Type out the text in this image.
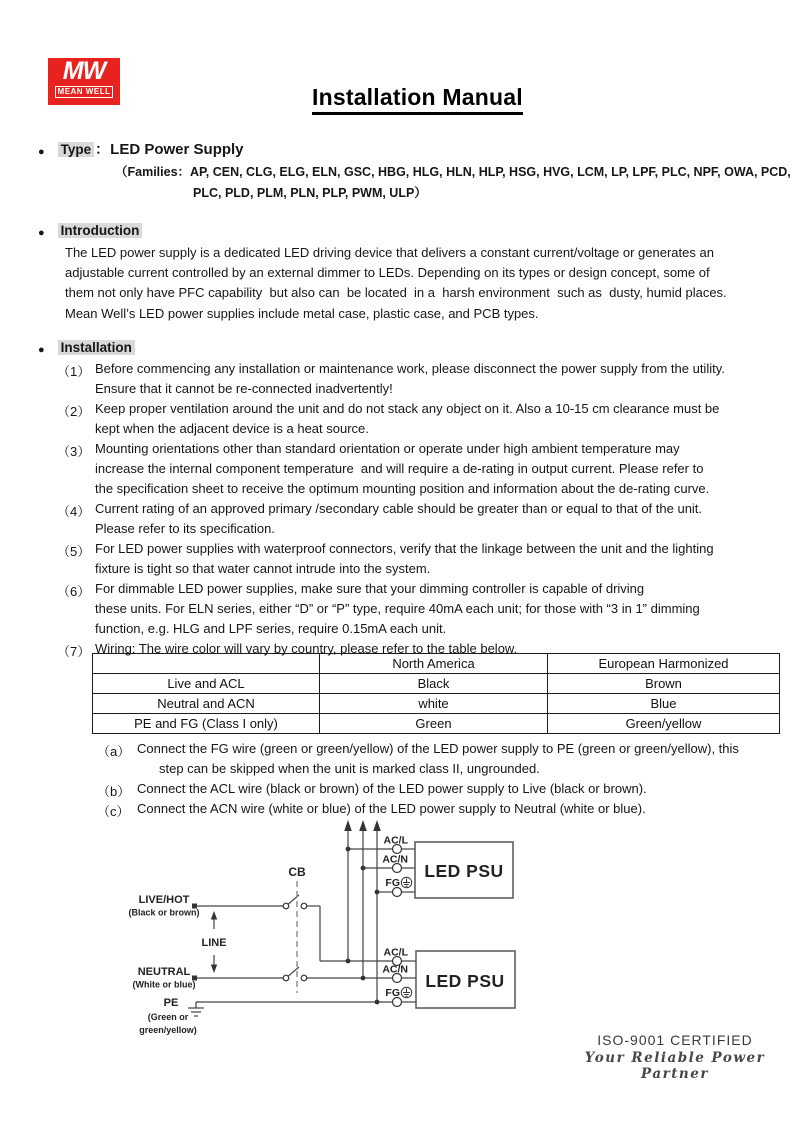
MW
MEAN WELL	Installation Manual
● Type ： LED Power Supply
（Families：AP, CEN, CLG, ELG, ELN, GSC, HBG, HLG, HLN, HLP, HSG, HVG, LCM, LP, LPF, PLC, NPF, OWA, PCD,
PLC, PLD, PLM, PLN, PLP, PWM, ULP）
● Introduction
The LED power supply is a dedicated LED driving device that delivers a constant current/voltage or generates an
adjustable current controlled by an external dimmer to LEDs. Depending on its types or design concept, some of
them not only have PFC capability  but also can  be located  in a  harsh environment  such as  dusty, humid places.
Mean Well’s LED power supplies include metal case, plastic case, and PCB types.
● Installation
（1） Before commencing any installation or maintenance work, please disconnect the power supply from the utility.
Ensure that it cannot be re-connected inadvertently!
（2） Keep proper ventilation around the unit and do not stack any object on it. Also a 10-15 cm clearance must be
kept when the adjacent device is a heat source.
（3） Mounting orientations other than standard orientation or operate under high ambient temperature may
increase the internal component temperature  and will require a de-rating in output current. Please refer to
the specification sheet to receive the optimum mounting position and information about the de-rating curve.
（4） Current rating of an approved primary /secondary cable should be greater than or equal to that of the unit.
Please refer to its specification.
（5） For LED power supplies with waterproof connectors, verify that the linkage between the unit and the lighting
fixture is tight so that water cannot intrude into the system.
（6） For dimmable LED power supplies, make sure that your dimming controller is capable of driving
these units. For ELN series, either “D” or “P” type, require 40mA each unit; for those with “3 in 1” dimming
function, e.g. HLG and LPF series, require 0.15mA each unit.
（7） Wiring: The wire color will vary by country, please refer to the table below.
	North America	European Harmonized
Live and ACL	Black	Brown
Neutral and ACN	white	Blue
PE and FG (Class I only)	Green	Green/yellow
（a） Connect the FG wire (green or green/yellow) of the LED power supply to PE (green or green/yellow), this
step can be skipped when the unit is marked class II, ungrounded.
（b） Connect the ACL wire (black or brown) of the LED power supply to Live (black or brown).
（c） Connect the ACN wire (white or blue) of the LED power supply to Neutral (white or blue).
LED PSU
LED PSU
CB
AC/L
AC/N
FG
AC/L
AC/N
FG
LIVE/HOT
(Black or brown)
LINE
NEUTRAL
(White or blue)
PE
(Green or
green/yellow)
ISO-9001 CERTIFIED
Your Reliable Power Partner
